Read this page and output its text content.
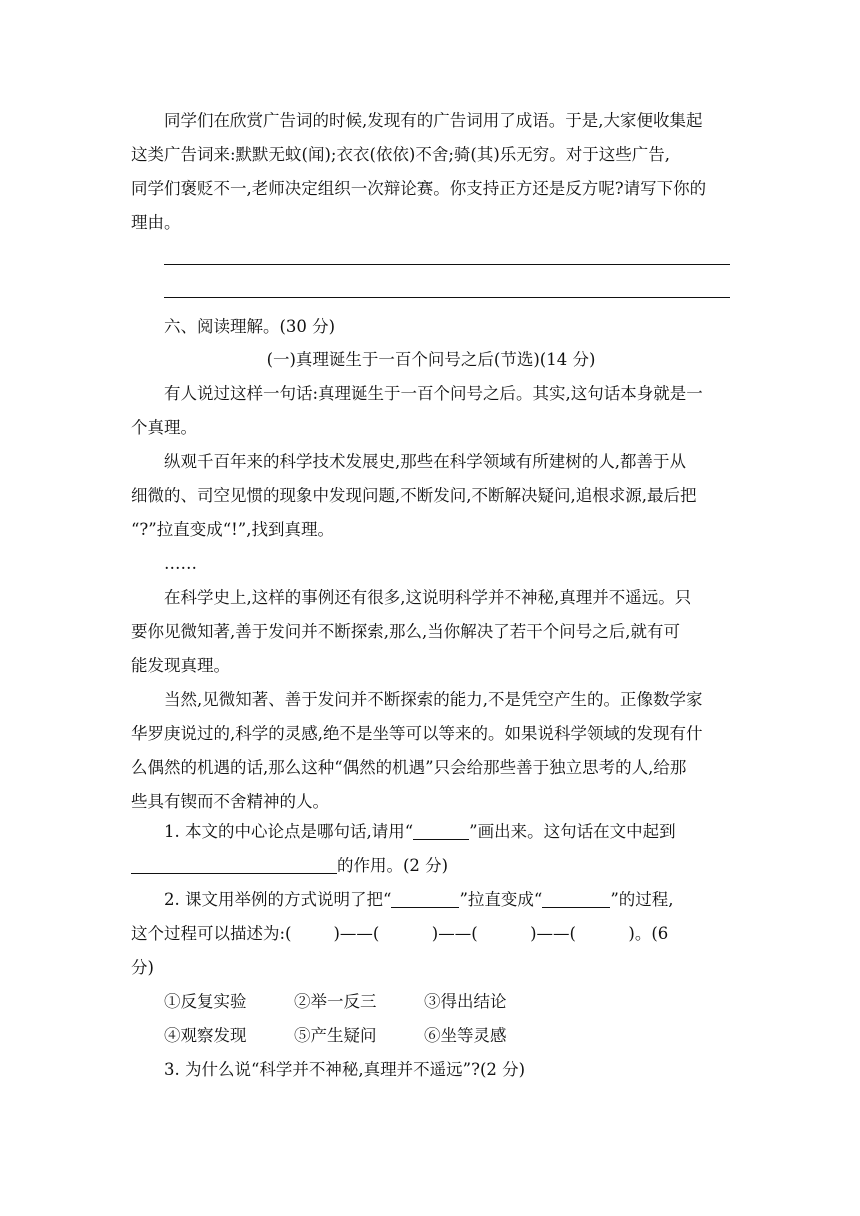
同学们在欣赏广告词的时候,发现有的广告词用了成语。于是,大家便收集起
这类广告词来:默默无蚊(闻);衣衣(依依)不舍;骑(其)乐无穷。对于这些广告,
同学们褒贬不一,老师决定组织一次辩论赛。你支持正方还是反方呢?请写下你的
理由。
六、阅读理解。(30 分)
(一)真理诞生于一百个问号之后(节选)(14 分)
有人说过这样一句话:真理诞生于一百个问号之后。其实,这句话本身就是一
个真理。
纵观千百年来的科学技术发展史,那些在科学领域有所建树的人,都善于从
细微的、司空见惯的现象中发现问题,不断发问,不断解决疑问,追根求源,最后把
“?”拉直变成“!”,找到真理。
……
在科学史上,这样的事例还有很多,这说明科学并不神秘,真理并不遥远。只
要你见微知著,善于发问并不断探索,那么,当你解决了若干个问号之后,就有可
能发现真理。
当然,见微知著、善于发问并不断探索的能力,不是凭空产生的。正像数学家
华罗庚说过的,科学的灵感,绝不是坐等可以等来的。如果说科学领域的发现有什
么偶然的机遇的话,那么这种“偶然的机遇”只会给那些善于独立思考的人,给那
些具有锲而不舍精神的人。
1. 本文的中心论点是哪句话,请用“	”画出来。这句话在文中起到
的作用。(2 分)
2. 课文用举例的方式说明了把“	”拉直变成“	”的过程,
这个过程可以描述为:(        )——(          )——(          )——(          )。(6
分)
①反复实验	②举一反三	③得出结论
④观察发现	⑤产生疑问	⑥坐等灵感
3. 为什么说“科学并不神秘,真理并不遥远”?(2 分)
